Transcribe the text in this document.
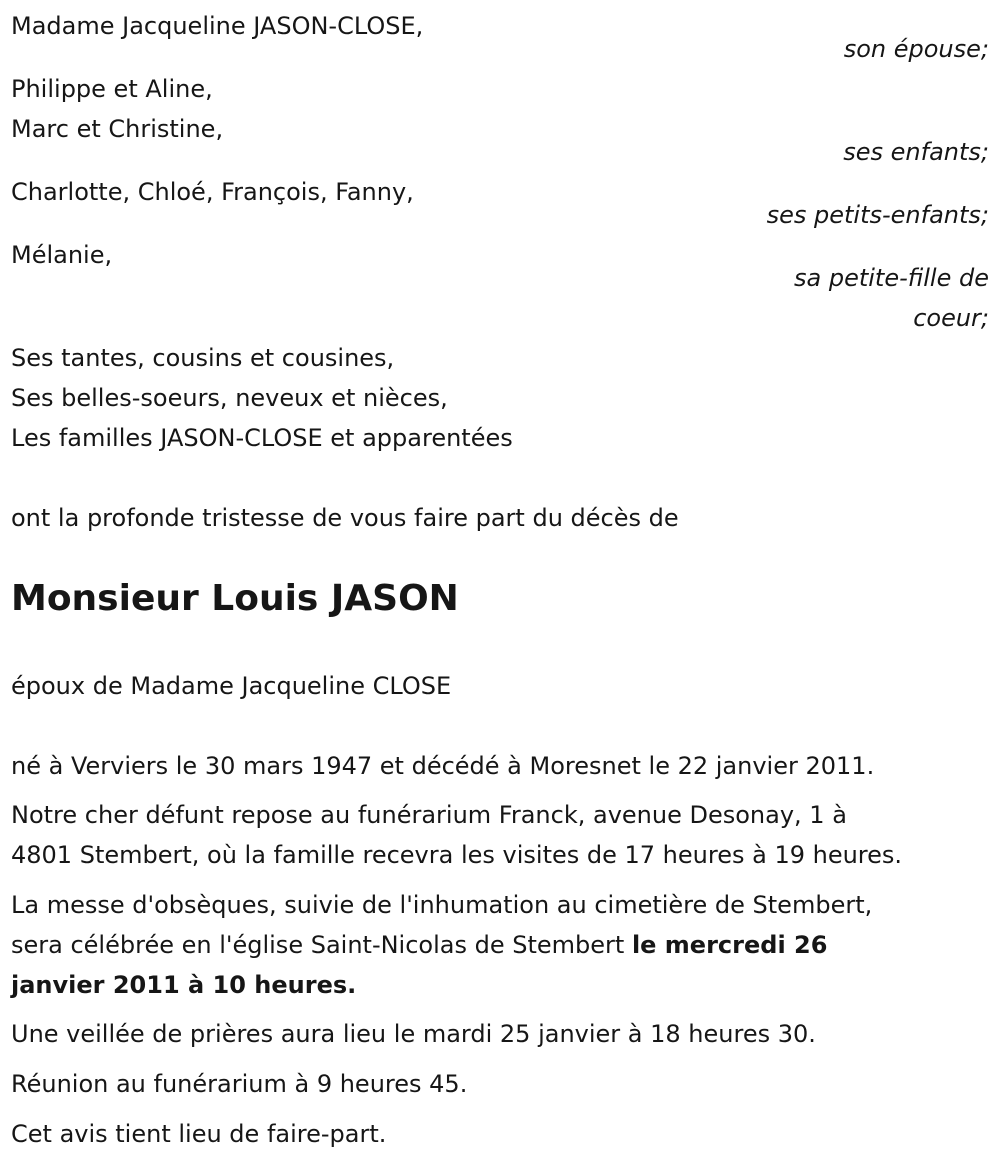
Madame Jacqueline JASON-CLOSE,
son épouse;
Philippe et Aline,
Marc et Christine,
ses enfants;
Charlotte, Chloé, François, Fanny,
ses petits-enfants;
Mélanie,
sa petite-fille de
coeur;
Ses tantes, cousins et cousines,
Ses belles-soeurs, neveux et nièces,
Les familles JASON-CLOSE et apparentées
ont la profonde tristesse de vous faire part du décès de
Monsieur Louis JASON
époux de Madame Jacqueline CLOSE
né à Verviers le 30 mars 1947 et décédé à Moresnet le 22 janvier 2011.
Notre cher défunt repose au funérarium Franck, avenue Desonay, 1 à
4801 Stembert, où la famille recevra les visites de 17 heures à 19 heures.
La messe d'obsèques, suivie de l'inhumation au cimetière de Stembert,
sera célébrée en l'église Saint-Nicolas de Stembert le mercredi 26
janvier 2011 à 10 heures.
Une veillée de prières aura lieu le mardi 25 janvier à 18 heures 30.
Réunion au funérarium à 9 heures 45.
Cet avis tient lieu de faire-part.
